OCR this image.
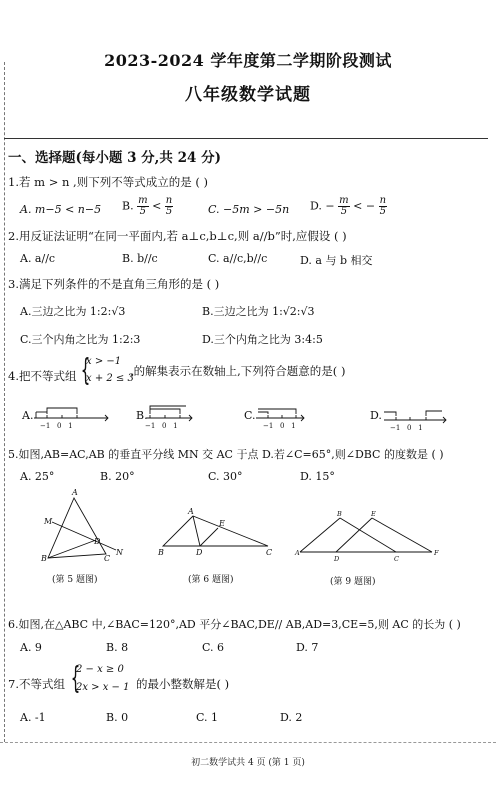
2023-2024 学年度第二学期阶段测试
八年级数学试题
一、选择题(每小题 3 分,共 24 分)
1.若 m > n ,则下列不等式成立的是 ( )
A. m−5 < n−5 B. $\frac{m}{5} < \frac{n}{5}$	C. −5m > −5n D. − $\frac{m}{5}$ < − $\frac{n}{5}$
2.用反证法证明“在同一平面内,若 a⊥c,b⊥c,则 a//b”时,应假设 ( )
A. a//c	B. b//c	C. a//c,b//c	D. a 与 b 相交
3.满足下列条件的不是直角三角形的是 ( )
A.三边之比为 1:2:√3	B.三边之比为 1:√2:√3
C.三个内角之比为 1:2:3	D.三个内角之比为 3:4:5
4.把不等式组 {
x > −1
x + 2 ≤ 3
,的解集表示在数轴上,下列符合题意的是( )
A.	B.	C.	D.
−1 0 1	−1 0 1	−1 0 1	−1 0 1
5.如图,AB=AC,AB 的垂直平分线 MN 交 AC 于点 D.若∠C=65°,则∠DBC 的度数是 ( )
A. 25°	B. 20°	C. 30°	D. 15°
A
M
D
B	C
N
A
E
B	D	C
B	E
A
D	C
F
(第 5 题图)	(第 6 题图)	(第 9 题图)
6.如图,在△ABC 中,∠BAC=120°,AD 平分∠BAC,DE// AB,AD=3,CE=5,则 AC 的长为 ( )
A. 9	B. 8	C. 6	D. 7
7.不等式组 {
2 − x ≥ 0
2x > x − 1 的最小整数解是( )
A. -1	B. 0	C. 1	D. 2
初二数学试共 4 页 (第 1 页)
